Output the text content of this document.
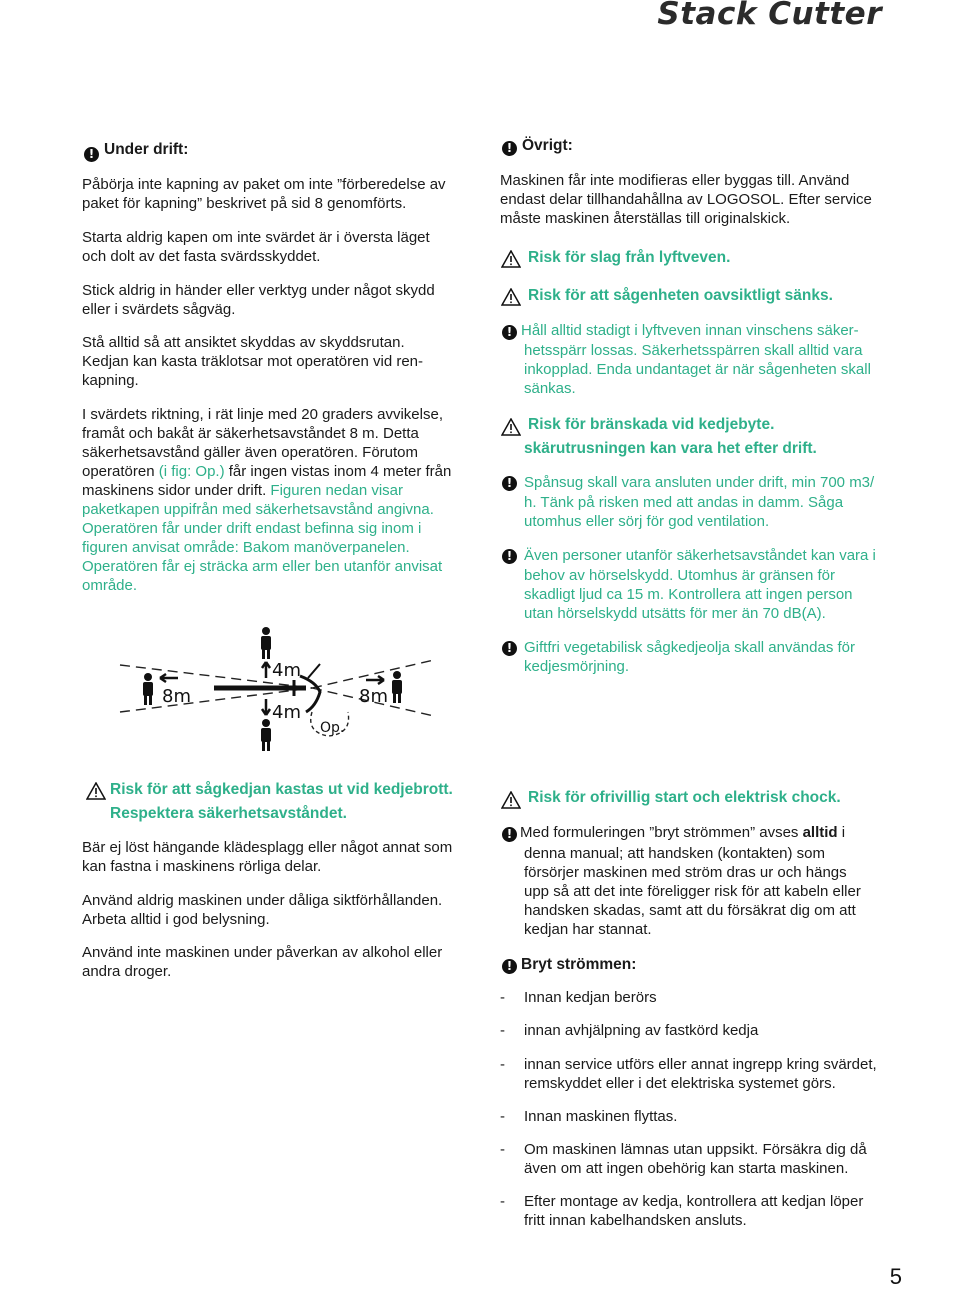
Stack Cutter
! Under drift:
Påbörja inte kapning av paket om inte ”förberedelse av
paket för kapning” beskrivet på sid 8 genomförts.
Starta aldrig kapen om inte svärdet är i översta läget
och dolt av det fasta svärdsskyddet.
Stick aldrig in händer eller verktyg under något skydd
eller i svärdets sågväg.
Stå alltid så att ansiktet skyddas av skyddsrutan.
Kedjan kan kasta träklotsar mot operatören vid ren-
kapning.
I svärdets riktning, i rät linje med 20 graders avvikelse,
framåt och bakåt är säkerhetsavståndet 8 m. Detta
säkerhetsavstånd gäller även operatören. Förutom
operatören (i fig: Op.) får ingen vistas inom 4 meter från
maskinens sidor under drift. Figuren nedan visar
paketkapen uppifrån med säkerhetsavstånd angivna.
Operatören får under drift endast befinna sig inom i
figuren anvisat område: Bakom manöverpanelen.
Operatören får ej sträcka arm eller ben utanför anvisat
område.
8m	8m
4m
4m
Op.
Risk för att sågkedjan kastas ut vid kedjebrott.
Respektera säkerhetsavståndet.
Bär ej löst hängande klädesplagg eller något annat som
kan fastna i maskinens rörliga delar.
Använd aldrig maskinen under dåliga siktförhållanden.
Arbeta alltid i god belysning.
Använd inte maskinen under påverkan av alkohol eller
andra droger.
! Övrigt:
Maskinen får inte modifieras eller byggas till. Använd
endast delar tillhandahållna av LOGOSOL. Efter service
måste maskinen återställas till originalskick.
Risk för slag från lyftveven.
Risk för att sågenheten oavsiktligt sänks.
! Håll alltid stadigt i lyftveven innan vinschens säker-
hetsspärr lossas. Säkerhetsspärren skall alltid vara
inkopplad. Enda undantaget är när sågenheten skall
sänkas.
Risk för bränskada vid kedjebyte.
skärutrusningen kan vara het efter drift.
! Spånsug skall vara ansluten under drift, min 700 m3/
h. Tänk på risken med att andas in damm. Såga
utomhus eller sörj för god ventilation.
! Även personer utanför säkerhetsavståndet kan vara i
behov av hörselskydd. Utomhus är gränsen för
skadligt ljud ca 15 m. Kontrollera att ingen person
utan hörselskydd utsätts för mer än 70 dB(A).
! Giftfri vegetabilisk sågkedjeolja skall användas för
kedjesmörjning.
Risk för ofrivillig start och elektrisk chock.
! Med formuleringen ”bryt strömmen” avses alltid i
denna manual; att handsken (kontakten) som
försörjer maskinen med ström dras ur och hängs
upp så att det inte föreligger risk för att kabeln eller
handsken skadas, samt att du försäkrat dig om att
kedjan har stannat.
! Bryt strömmen:
- Innan kedjan berörs
- innan avhjälpning av fastkörd kedja
- innan service utförs eller annat ingrepp kring svärdet,
remskyddet eller i det elektriska systemet görs.
- Innan maskinen flyttas.
- Om maskinen lämnas utan uppsikt. Försäkra dig då
även om att ingen obehörig kan starta maskinen.
- Efter montage av kedja, kontrollera att kedjan löper
fritt innan kabelhandsken ansluts.
5
